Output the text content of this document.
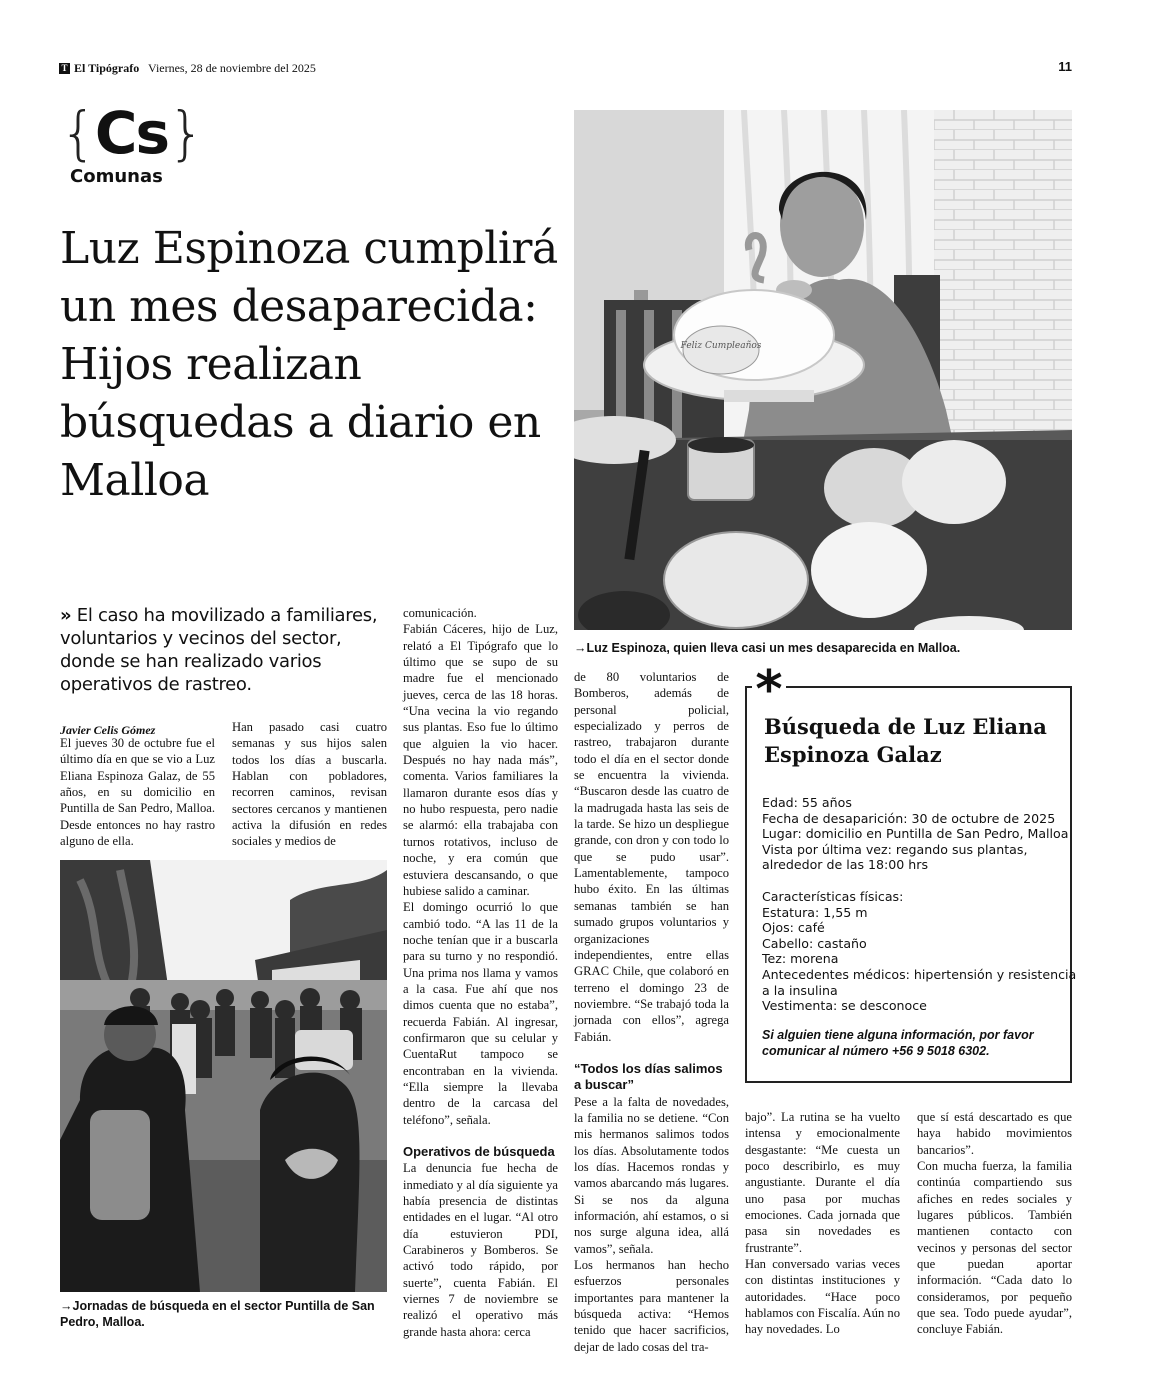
T El Tipógrafo Viernes, 28 de noviembre del 2025	11
{Cs}
Comunas
Luz Espinoza cumplirá un mes desaparecida: Hijos realizan búsquedas a diario en Malloa
» El caso ha movilizado a familiares, voluntarios y vecinos del sector, donde se han realizado varios operativos de rastreo.
Feliz Cumpleaños
→Luz Espinoza, quien lleva casi un mes desaparecida en Malloa.
Javier Celis Gómez

El jueves 30 de octubre fue el último día en que se vio a Luz Eliana Espinoza Galaz, de 55 años, en su domicilio en Puntilla de San Pedro, Malloa. Desde entonces no hay rastro alguno de ella.

Han pasado casi cuatro semanas y sus hijos salen todos los días a buscarla. Hablan con pobladores, recorren caminos, revisan sectores cercanos y mantienen activa la difusión en redes sociales y medios de

comunicación.

Fabián Cáceres, hijo de Luz, relató a El Tipógrafo que lo último que se supo de su madre fue el mencionado jueves, cerca de las 18 horas. “Una vecina la vio regando sus plantas. Eso fue lo último que alguien la vio hacer. Después no hay nada más”, comenta. Varios familiares la llamaron durante esos días y no hubo respuesta, pero nadie se alarmó: ella trabajaba con turnos rotativos, incluso de noche, y era común que estuviera descansando, o que hubiese salido a caminar.

El domingo ocurrió lo que cambió todo. “A las 11 de la noche tenían que ir a buscarla para su turno y no respondió. Una prima nos llama y vamos a la casa. Fue ahí que nos dimos cuenta que no estaba”, recuerda Fabián. Al ingresar, confirmaron que su celular y CuentaRut tampoco se encontraban en la vivienda. “Ella siempre la llevaba dentro de la carcasa del teléfono”, señala.

Operativos de búsqueda

La denuncia fue hecha de inmediato y al día siguiente ya había presencia de distintas entidades en el lugar. “Al otro día estuvieron PDI, Carabineros y Bomberos. Se activó todo rápido, por suerte”, cuenta Fabián. El viernes 7 de noviembre se realizó el operativo más grande hasta ahora: cerca

de 80 voluntarios de Bomberos, además de personal policial, especializado y perros de rastreo, trabajaron durante todo el día en el sector donde se encuentra la vivienda. “Buscaron desde las cuatro de la madrugada hasta las seis de la tarde. Se hizo un despliegue grande, con dron y con todo lo que se pudo usar”. Lamentablemente, tampoco hubo éxito. En las últimas semanas también se han sumado grupos voluntarios y organizaciones independientes, entre ellas GRAC Chile, que colaboró en terreno el domingo 23 de noviembre. “Se trabajó toda la jornada con ellos”, agrega Fabián.

“Todos los días salimos a buscar”

Pese a la falta de novedades, la familia no se detiene. “Con mis hermanos salimos todos los días. Absolutamente todos los días. Hacemos rondas y vamos abarcando más lugares. Si se nos da alguna información, ahí estamos, o si nos surge alguna idea, allá vamos”, señala.

Los hermanos han hecho esfuerzos personales importantes para mantener la búsqueda activa: “Hemos tenido que hacer sacrificios, dejar de lado cosas del tra-

bajo”. La rutina se ha vuelto intensa y emocionalmente desgastante: “Me cuesta un poco describirlo, es muy angustiante. Durante el día uno pasa por muchas emociones. Cada jornada que pasa sin novedades es frustrante”.

Han conversado varias veces con distintas instituciones y autoridades. “Hace poco hablamos con Fiscalía. Aún no hay novedades. Lo

que sí está descartado es que haya habido movimientos bancarios”.

Con mucha fuerza, la familia continúa compartiendo sus afiches en redes sociales y lugares públicos. También mantienen contacto con vecinos y personas del sector que puedan aportar información. “Cada dato lo consideramos, por pequeño que sea. Todo puede ayudar”, concluye Fabián.

→Jornadas de búsqueda en el sector Puntilla de San Pedro, Malloa.
*
Búsqueda de Luz Eliana Espinoza Galaz
Edad: 55 años
Fecha de desaparición: 30 de octubre de 2025
Lugar: domicilio en Puntilla de San Pedro, Malloa
Vista por última vez: regando sus plantas,
alrededor de las 18:00 hrs
Características físicas:
Estatura: 1,55 m
Ojos: café
Cabello: castaño
Tez: morena
Antecedentes médicos: hipertensión y resistencia
a la insulina
Vestimenta: se desconoce
Si alguien tiene alguna información, por favor comunicar al número +56 9 5018 6302.
